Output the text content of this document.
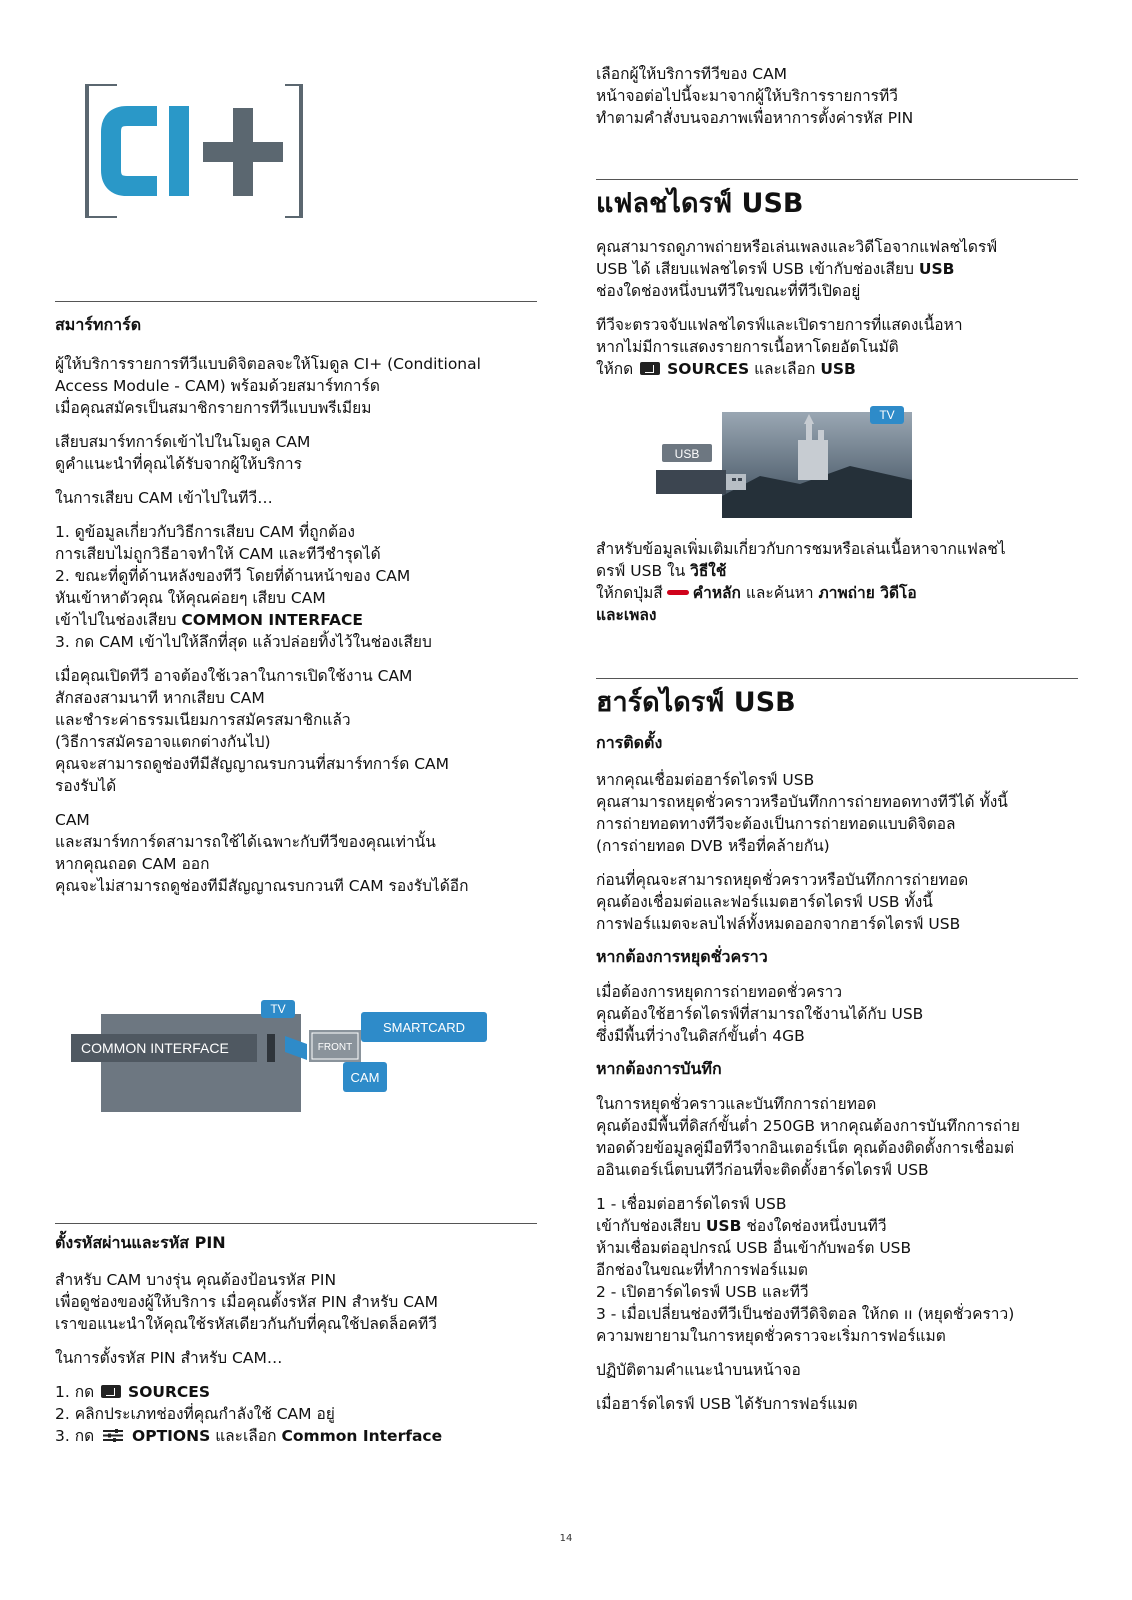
สมาร์ทการ์ด

ผู้ให้บริการรายการทีวีแบบดิจิตอลจะให้โมดูล CI+ (Conditional

Access Module - CAM) พร้อมด้วยสมาร์ทการ์ด

เมื่อคุณสมัครเป็นสมาชิกรายการทีวีแบบพรีเมียม

เสียบสมาร์ทการ์ดเข้าไปในโมดูล CAM

ดูคำแนะนำที่คุณได้รับจากผู้ให้บริการ

ในการเสียบ CAM เข้าไปในทีวี…

1. ดูข้อมูลเกี่ยวกับวิธีการเสียบ CAM ที่ถูกต้อง

การเสียบไม่ถูกวิธีอาจทำให้ CAM และทีวีชำรุดได้

2. ขณะที่ดูที่ด้านหลังของทีวี โดยที่ด้านหน้าของ CAM

หันเข้าหาตัวคุณ ให้คุณค่อยๆ เสียบ CAM

เข้าไปในช่องเสียบ COMMON INTERFACE

3. กด CAM เข้าไปให้ลึกที่สุด แล้วปล่อยทิ้งไว้ในช่องเสียบ

เมื่อคุณเปิดทีวี อาจต้องใช้เวลาในการเปิดใช้งาน CAM

สักสองสามนาที หากเสียบ CAM

และชำระค่าธรรมเนียมการสมัครสมาชิกแล้ว

(วิธีการสมัครอาจแตกต่างกันไป)

คุณจะสามารถดูช่องทีมีสัญญาณรบกวนที่สมาร์ทการ์ด CAM

รองรับได้

CAM

และสมาร์ทการ์ดสามารถใช้ได้เฉพาะกับทีวีของคุณเท่านั้น

หากคุณถอด CAM ออก

คุณจะไม่สามารถดูช่องทีมีสัญญาณรบกวนที CAM รองรับได้อีก

TV
COMMON INTERFACE	FRONT
SMARTCARD
CAM

ตั้งรหัสผ่านและรหัส PIN

สำหรับ CAM บางรุ่น คุณต้องป้อนรหัส PIN

เพื่อดูช่องของผู้ให้บริการ เมื่อคุณตั้งรหัส PIN สำหรับ CAM

เราขอแนะนำให้คุณใช้รหัสเดียวกันกับที่คุณใช้ปลดล็อคทีวี

ในการตั้งรหัส PIN สำหรับ CAM…

1. กด SOURCES

2. คลิกประเภทช่องที่คุณกำลังใช้ CAM อยู่

3. กด OPTIONS และเลือก Common Interface

เลือกผู้ให้บริการทีวีของ CAM

หน้าจอต่อไปนี้จะมาจากผู้ให้บริการรายการทีวี

ทำตามคำสั่งบนจอภาพเพื่อหาการตั้งค่ารหัส PIN

แฟลชไดรฟ์ USB

คุณสามารถดูภาพถ่ายหรือเล่นเพลงและวิดีโอจากแฟลชไดรฟ์

USB ได้ เสียบแฟลชไดรฟ์ USB เข้ากับช่องเสียบ USB

ช่องใดช่องหนึ่งบนทีวีในขณะที่ทีวีเปิดอยู่

ทีวีจะตรวจจับแฟลชไดรฟ์และเปิดรายการที่แสดงเนื้อหา

หากไม่มีการแสดงรายการเนื้อหาโดยอัตโนมัติ

ให้กด SOURCES และเลือก USB

TV
USB

สำหรับข้อมูลเพิ่มเติมเกี่ยวกับการชมหรือเล่นเนื้อหาจากแฟลชไ

ดรฟ์ USB ใน วิธีใช้

ให้กดปุ่มสี คำหลัก และค้นหา ภาพถ่าย วิดีโอ

และเพลง

ฮาร์ดไดรฟ์ USB

การติดตั้ง

หากคุณเชื่อมต่อฮาร์ดไดรฟ์ USB

คุณสามารถหยุดชั่วคราวหรือบันทึกการถ่ายทอดทางทีวีได้ ทั้งนี้

การถ่ายทอดทางทีวีจะต้องเป็นการถ่ายทอดแบบดิจิตอล

(การถ่ายทอด DVB หรือที่คล้ายกัน)

ก่อนที่คุณจะสามารถหยุดชั่วคราวหรือบันทึกการถ่ายทอด

คุณต้องเชื่อมต่อและฟอร์แมตฮาร์ดไดรฟ์ USB ทั้งนี้

การฟอร์แมตจะลบไฟล์ทั้งหมดออกจากฮาร์ดไดรฟ์ USB

หากต้องการหยุดชั่วคราว

เมื่อต้องการหยุดการถ่ายทอดชั่วคราว

คุณต้องใช้ฮาร์ดไดรฟ์ที่สามารถใช้งานได้กับ USB

ซึ่งมีพื้นที่ว่างในดิสก์ขั้นต่ำ 4GB

หากต้องการบันทึก

ในการหยุดชั่วคราวและบันทึกการถ่ายทอด

คุณต้องมีพื้นที่ดิสก์ขั้นต่ำ 250GB หากคุณต้องการบันทึกการถ่าย

ทอดด้วยข้อมูลคู่มือทีวีจากอินเตอร์เน็ต คุณต้องติดตั้งการเชื่อมต่

ออินเตอร์เน็ตบนทีวีก่อนที่จะติดตั้งฮาร์ดไดรฟ์ USB

1 - เชื่อมต่อฮาร์ดไดรฟ์ USB

เข้ากับช่องเสียบ USB ช่องใดช่องหนึ่งบนทีวี

ห้ามเชื่อมต่ออุปกรณ์ USB อื่นเข้ากับพอร์ต USB

อีกช่องในขณะที่ทำการฟอร์แมต

2 - เปิดฮาร์ดไดรฟ์ USB และทีวี

3 - เมื่อเปลี่ยนช่องทีวีเป็นช่องทีวีดิจิตอล ให้กด ıı (หยุดชั่วคราว)

ความพยายามในการหยุดชั่วคราวจะเริ่มการฟอร์แมต

ปฏิบัติตามคำแนะนำบนหน้าจอ

เมื่อฮาร์ดไดรฟ์ USB ได้รับการฟอร์แมต

14
